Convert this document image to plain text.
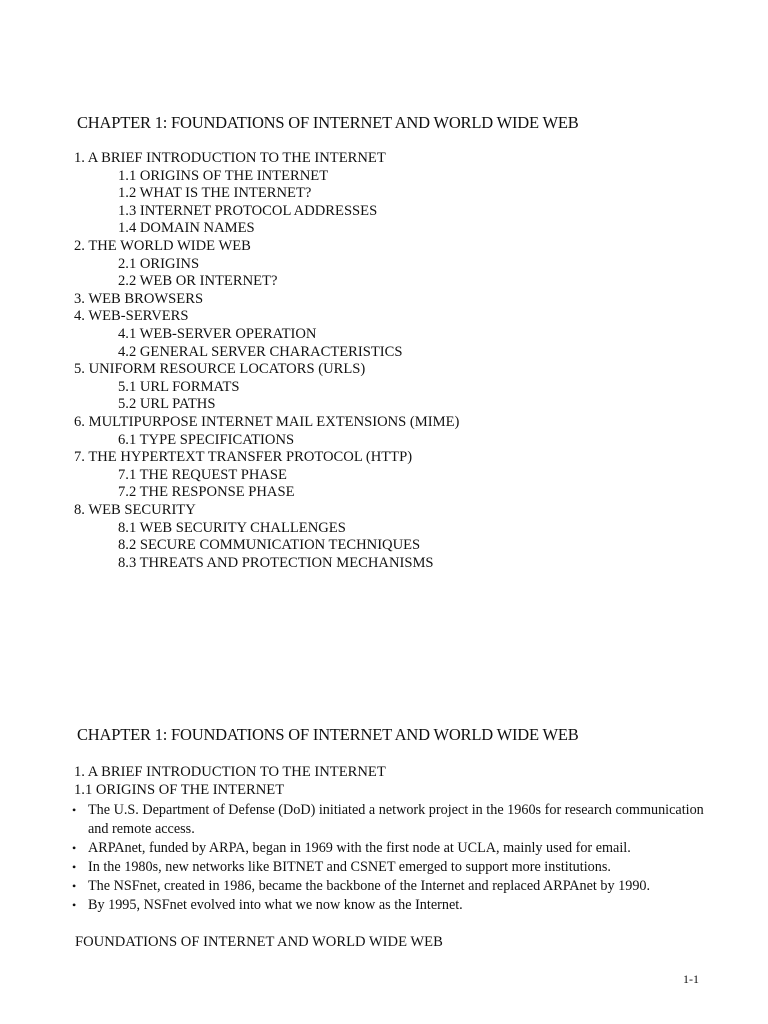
CHAPTER 1: FOUNDATIONS OF INTERNET AND WORLD WIDE WEB
1. A BRIEF INTRODUCTION TO THE INTERNET
1.1 ORIGINS OF THE INTERNET
1.2 WHAT IS THE INTERNET?
1.3 INTERNET PROTOCOL ADDRESSES
1.4 DOMAIN NAMES
2. THE WORLD WIDE WEB
2.1 ORIGINS
2.2 WEB OR INTERNET?
3. WEB BROWSERS
4. WEB-SERVERS
4.1 WEB-SERVER OPERATION
4.2 GENERAL SERVER CHARACTERISTICS
5. UNIFORM RESOURCE LOCATORS (URLS)
5.1 URL FORMATS
5.2 URL PATHS
6. MULTIPURPOSE INTERNET MAIL EXTENSIONS (MIME)
6.1 TYPE SPECIFICATIONS
7. THE HYPERTEXT TRANSFER PROTOCOL (HTTP)
7.1 THE REQUEST PHASE
7.2 THE RESPONSE PHASE
8. WEB SECURITY
8.1 WEB SECURITY CHALLENGES
8.2 SECURE COMMUNICATION TECHNIQUES
8.3 THREATS AND PROTECTION MECHANISMS
CHAPTER 1: FOUNDATIONS OF INTERNET AND WORLD WIDE WEB
1. A BRIEF INTRODUCTION TO THE INTERNET
1.1 ORIGINS OF THE INTERNET
• The U.S. Department of Defense (DoD) initiated a network project in the 1960s for research communication and remote access.
• ARPAnet, funded by ARPA, began in 1969 with the first node at UCLA, mainly used for email.
• In the 1980s, new networks like BITNET and CSNET emerged to support more institutions.
• The NSFnet, created in 1986, became the backbone of the Internet and replaced ARPAnet by 1990.
• By 1995, NSFnet evolved into what we now know as the Internet.
FOUNDATIONS OF INTERNET AND WORLD WIDE WEB
1-1
